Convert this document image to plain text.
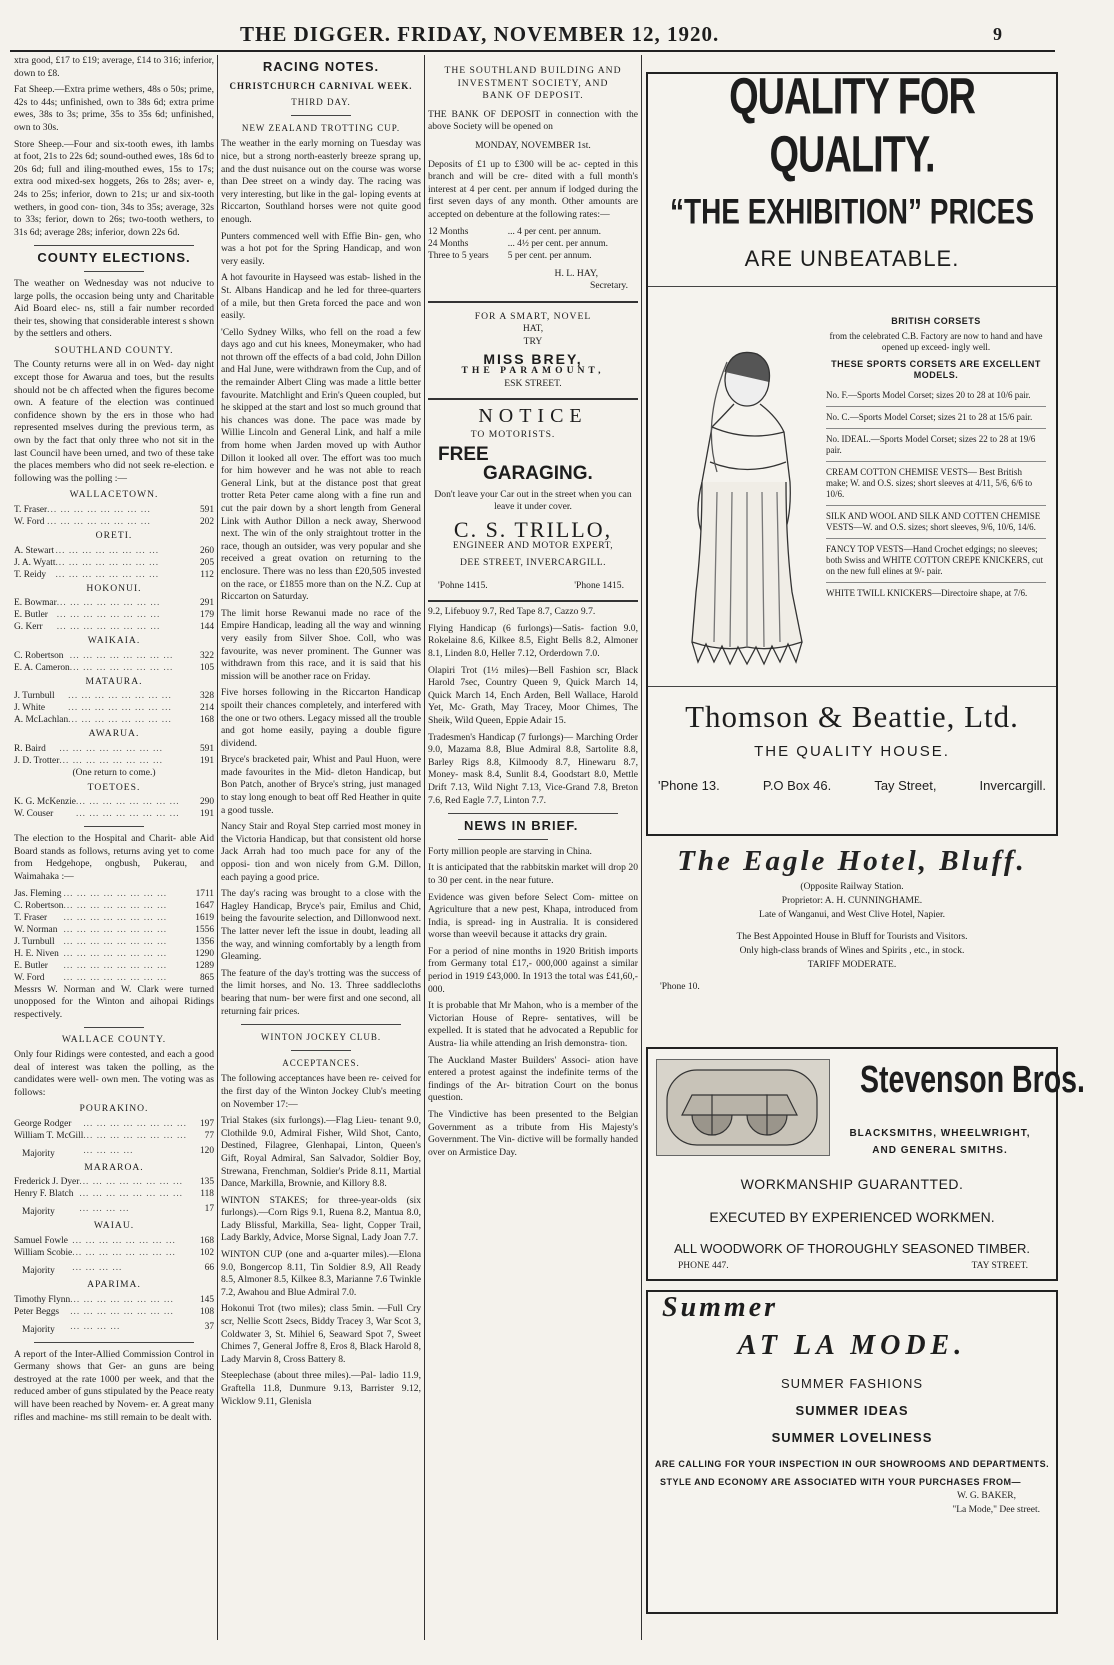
THE DIGGER. FRIDAY, NOVEMBER 12, 1920.	9

xtra good, £17 to £19; average, £14 to 316; inferior, down to £8.

Fat Sheep.—Extra prime wethers, 48s o 50s; prime, 42s to 44s; unfinished, own to 38s 6d; extra prime ewes, 38s to 3s; prime, 35s to 35s 6d; unfinished, own to 30s.

Store Sheep.—Four and six-tooth ewes, ith lambs at foot, 21s to 22s 6d; sound-outhed ewes, 18s 6d to 20s 6d; full and iling-mouthed ewes, 15s to 17s; extra ood mixed-sex hoggets, 26s to 28s; aver- e, 24s to 25s; inferior, down to 21s; ur and six-tooth wethers, in good con- tion, 34s to 35s; average, 32s to 33s; ferior, down to 26s; two-tooth wethers, to 31s 6d; average 28s; inferior, down 22s 6d.

COUNTY ELECTIONS.

The weather on Wednesday was not nducive to large polls, the occasion being unty and Charitable Aid Board elec- ns, still a fair number recorded their tes, showing that considerable interest s shown by the settlers and others.

SOUTHLAND COUNTY.

The County returns were all in on Wed- day night except those for Awarua and toes, but the results should not be ch affected when the figures become own. A feature of the election was continued confidence shown by the ers in those who had represented mselves during the previous term, as own by the fact that only three who not sit in the last Council have been urned, and two of these take the places members who did not seek re-election. e following was the polling :—

WALLACETOWN.
T. Fraser	... ... ... ... ... ... ... ...	591
W. Ford	... ... ... ... ... ... ... ...	202
ORETI.
A. Stewart	... ... ... ... ... ... ... ...	260
J. A. Wyatt	... ... ... ... ... ... ... ...	205
T. Reidy	... ... ... ... ... ... ... ...	112
HOKONUI.
E. Bowmar	... ... ... ... ... ... ... ...	291
E. Butler	... ... ... ... ... ... ... ...	179
G. Kerr	... ... ... ... ... ... ... ...	144
WAIKAIA.
C. Robertson	... ... ... ... ... ... ... ...	322
E. A. Cameron	... ... ... ... ... ... ... ...	105
MATAURA.
J. Turnbull	... ... ... ... ... ... ... ...	328
J. White	... ... ... ... ... ... ... ...	214
A. McLachlan	... ... ... ... ... ... ... ...	168
AWARUA.
R. Baird	... ... ... ... ... ... ... ...	591
J. D. Trotter	... ... ... ... ... ... ... ...	191
(One return to come.)
TOETOES.
K. G. McKenzie	... ... ... ... ... ... ... ...	290
W. Couser	... ... ... ... ... ... ... ...	191

The election to the Hospital and Charit- able Aid Board stands as follows, returns aving yet to come from Hedgehope, ongbush, Pukerau, and Waimahaka :—

Jas. Fleming	... ... ... ... ... ... ... ...	1711
C. Robertson	... ... ... ... ... ... ... ...	1647
T. Fraser	... ... ... ... ... ... ... ...	1619
W. Norman	... ... ... ... ... ... ... ...	1556
J. Turnbull	... ... ... ... ... ... ... ...	1356
H. E. Niven	... ... ... ... ... ... ... ...	1290
E. Butler	... ... ... ... ... ... ... ...	1289
W. Ford	... ... ... ... ... ... ... ...	865

Messrs W. Norman and W. Clark were turned unopposed for the Winton and aihopai Ridings respectively.

WALLACE COUNTY.

Only four Ridings were contested, and each a good deal of interest was taken the polling, as the candidates were well- own men. The voting was as follows:

POURAKINO.
George Rodger	... ... ... ... ... ... ... ...	197
William T. McGill	... ... ... ... ... ... ... ...	77
Majority	... ... ... ...	120
MARAROA.
Frederick J. Dyer	... ... ... ... ... ... ... ...	135
Henry F. Blatch	... ... ... ... ... ... ... ...	118
Majority	... ... ... ...	17
WAIAU.
Samuel Fowle	... ... ... ... ... ... ... ...	168
William Scobie	... ... ... ... ... ... ... ...	102
Majority	... ... ... ...	66
APARIMA.
Timothy Flynn	... ... ... ... ... ... ... ...	145
Peter Beggs	... ... ... ... ... ... ... ...	108
Majority	... ... ... ...	37

A report of the Inter-Allied Commission Control in Germany shows that Ger- an guns are being destroyed at the rate 1000 per week, and that the reduced amber of guns stipulated by the Peace reaty will have been reached by Novem- er. A great many rifles and machine- ms still remain to be dealt with.

RACING NOTES.
CHRISTCHURCH CARNIVAL WEEK.
THIRD DAY.
NEW ZEALAND TROTTING CUP.

The weather in the early morning on Tuesday was nice, but a strong north-easterly breeze sprang up, and the dust nuisance out on the course was worse than Dee street on a windy day. The racing was very interesting, but like in the gal- loping events at Riccarton, Southland horses were not quite good enough.

Punters commenced well with Effie Bin- gen, who was a hot pot for the Spring Handicap, and won very easily.

A hot favourite in Hayseed was estab- lished in the St. Albans Handicap and he led for three-quarters of a mile, but then Greta forced the pace and won easily.

'Cello Sydney Wilks, who fell on the road a few days ago and cut his knees, Moneymaker, who had not thrown off the effects of a bad cold, John Dillon and Hal June, were withdrawn from the Cup, and of the remainder Albert Cling was made a little better favourite. Matchlight and Erin's Queen coupled, but he skipped at the start and lost so much ground that his chances was done. The pace was made by Willie Lincoln and General Link, and half a mile from home when Jarden moved up with Author Dillon it looked all over. The effort was too much for him however and he was not able to reach General Link, but at the distance post that great trotter Reta Peter came along with a fine run and cut the pair down by a short length from General Link with Author Dillon a neck away, Sherwood next. The win of the only straightout trotter in the race, though an outsider, was very popular and she received a great ovation on returning to the enclosure. There was no less than £20,505 invested on the race, or £1855 more than on the N.Z. Cup at Riccarton on Saturday.

The limit horse Rewanui made no race of the Empire Handicap, leading all the way and winning very easily from Silver Shoe. Coll, who was favourite, was never prominent. The Gunner was withdrawn from this race, and it is said that his mission will be another race on Friday.

Five horses following in the Riccarton Handicap spoilt their chances completely, and interfered with the one or two others. Legacy missed all the trouble and got home easily, paying a double figure dividend.

Bryce's bracketed pair, Whist and Paul Huon, were made favourites in the Mid- dleton Handicap, but Bon Patch, another of Bryce's string, just managed to stay long enough to beat off Red Heather in quite a good tussle.

Nancy Stair and Royal Step carried most money in the Victoria Handicap, but that consistent old horse Jack Arrah had too much pace for any of the opposi- tion and won nicely from G.M. Dillon, each paying a good price.

The day's racing was brought to a close with the Hagley Handicap, Bryce's pair, Emilus and Chid, being the favourite selection, and Dillonwood next. The latter never left the issue in doubt, leading all the way, and winning comfortably by a length from Gleaming.

The feature of the day's trotting was the success of the limit horses, and No. 13. Three saddlecloths bearing that num- ber were first and one second, all returning fair prices.

WINTON JOCKEY CLUB.
ACCEPTANCES.

The following acceptances have been re- ceived for the first day of the Winton Jockey Club's meeting on November 17:—

Trial Stakes (six furlongs).—Flag Lieu- tenant 9.0, Clothilde 9.0, Admiral Fisher, Wild Shot, Canto, Destined, Filagree, Glenhapai, Linton, Queen's Gift, Royal Admiral, San Salvador, Soldier Boy, Strewana, Frenchman, Soldier's Pride 8.11, Martial Dance, Markilla, Brownie, and Killory 8.8.

WINTON STAKES; for three-year-olds (six furlongs).—Corn Rigs 9.1, Ruena 8.2, Mantua 8.0, Lady Blissful, Markilla, Sea- light, Copper Trail, Lady Barkly, Advice, Morse Signal, Lady Joan 7.7.

WINTON CUP (one and a-quarter miles).—Elona 9.0, Bongercop 8.11, Tin Soldier 8.9, All Ready 8.5, Almoner 8.5, Kilkee 8.3, Marianne 7.6 Twinkle 7.2, Awahou and Blue Admiral 7.0.

Hokonui Trot (two miles); class 5min. —Full Cry scr, Nellie Scott 2secs, Biddy Tracey 3, War Scot 3, Coldwater 3, St. Mihiel 6, Seaward Spot 7, Sweet Chimes 7, General Joffre 8, Eros 8, Black Harold 8, Lady Marvin 8, Cross Battery 8.

Steeplechase (about three miles).—Pal- ladio 11.9, Graftella 11.8, Dunmure 9.13, Barrister 9.12, Wicklow 9.11, Glenisla

THE SOUTHLAND BUILDING AND INVESTMENT SOCIETY, AND
BANK OF DEPOSIT.

THE BANK OF DEPOSIT in connection with the above Society will be opened on

MONDAY, NOVEMBER 1st.

Deposits of £1 up to £300 will be ac- cepted in this branch and will be cre- dited with a full month's interest at 4 per cent. per annum if lodged during the first seven days of any month. Other amounts are accepted on debenture at the following rates:—

12 Months	... 4 per cent. per annum.
24 Months	... 4½ per cent. per annum.
Three to 5 years	5 per cent. per annum.
H. L. HAY,
Secretary.
FOR A SMART, NOVEL
HAT,
TRY
MISS BREY,
THE PARAMOUNT,
ESK STREET.
NOTICE
TO MOTORISTS.
FREE
GARAGING.

Don't leave your Car out in the street when you can leave it under cover.

C. S. TRILLO,
ENGINEER AND MOTOR EXPERT,
DEE STREET, INVERCARGILL.
'Pohne 1415.	'Phone 1415.

9.2, Lifebuoy 9.7, Red Tape 8.7, Cazzo 9.7.

Flying Handicap (6 furlongs)—Satis- faction 9.0, Rokelaine 8.6, Kilkee 8.5, Eight Bells 8.2, Almoner 8.1, Linden 8.0, Heller 7.12, Orderdown 7.0.

Olapiri Trot (1½ miles)—Bell Fashion scr, Black Harold 7sec, Country Queen 9, Quick March 14, Quick March 14, Ench Arden, Bell Wallace, Harold Yet, Mc- Grath, May Tracey, Moor Chimes, The Sheik, Wild Queen, Eppie Adair 15.

Tradesmen's Handicap (7 furlongs)— Marching Order 9.0, Mazama 8.8, Blue Admiral 8.8, Sartolite 8.8, Barley Rigs 8.8, Kilmoody 8.7, Hinewaru 8.7, Money- mask 8.4, Sunlit 8.4, Goodstart 8.0, Mettle Drift 7.13, Wild Night 7.13, Vice-Grand 7.8, Breton 7.6, Red Eagle 7.7, Linton 7.7.

NEWS IN BRIEF.

Forty million people are starving in China.

It is anticipated that the rabbitskin market will drop 20 to 30 per cent. in the near future.

Evidence was given before Select Com- mittee on Agriculture that a new pest, Khapa, introduced from India, is spread- ing in Australia. It is considered worse than weevil because it attacks dry grain.

For a period of nine months in 1920 British imports from Germany total £17,- 000,000 against a similar period in 1919 £43,000. In 1913 the total was £41,60,- 000.

It is probable that Mr Mahon, who is a member of the Victorian House of Repre- sentatives, will be expelled. It is stated that he advocated a Republic for Austra- lia while attending an Irish demonstra- tion.

The Auckland Master Builders' Associ- ation have entered a protest against the indefinite terms of the findings of the Ar- bitration Court on the bonus question.

The Vindictive has been presented to the Belgian Government as a tribute from His Majesty's Government. The Vin- dictive will be formally handed over on Armistice Day.

QUALITY FOR QUALITY.
“THE EXHIBITION” PRICES
ARE UNBEATABLE.
BRITISH CORSETS
from the celebrated C.B. Factory are now to hand and have opened up exceed- ingly well.
THESE SPORTS CORSETS ARE EXCELLENT MODELS.
No. F.—Sports Model Corset; sizes 20 to 28 at 10/6 pair.
No. C.—Sports Model Corset; sizes 21 to 28 at 15/6 pair.
No. IDEAL.—Sports Model Corset; sizes 22 to 28 at 19/6 pair.
CREAM COTTON CHEMISE VESTS— Best British make; W. and O.S. sizes; short sleeves at 4/11, 5/6, 6/6 to 10/6.
SILK AND WOOL AND SILK AND COTTEN CHEMISE VESTS—W. and O.S. sizes; short sleeves, 9/6, 10/6, 14/6.
FANCY TOP VESTS—Hand Crochet edgings; no sleeves; both Swiss and WHITE COTTON CREPE KNICKERS, cut on the new full elines at 9/- pair.
WHITE TWILL KNICKERS—Directoire shape, at 7/6.
Thomson & Beattie, Ltd.
THE QUALITY HOUSE.
'Phone 13.	P.O Box 46.	Tay Street,	Invercargill.
The Eagle Hotel, Bluff.
(Opposite Railway Station.
Proprietor: A. H. CUNNINGHAME.
Late of Wanganui, and West Clive Hotel, Napier.
The Best Appointed House in Bluff for Tourists and Visitors.
Only high-class brands of Wines and Spirits , etc., in stock.
TARIFF MODERATE.
'Phone 10.
Stevenson Bros.
BLACKSMITHS, WHEELWRIGHT,
AND GENERAL SMITHS.
WORKMANSHIP GUARANTTED.
EXECUTED BY EXPERIENCED WORKMEN.
ALL WOODWORK OF THOROUGHLY SEASONED TIMBER.
PHONE 447.	TAY STREET.
Summer
AT LA MODE.
SUMMER FASHIONS
SUMMER IDEAS
SUMMER LOVELINESS
ARE CALLING FOR YOUR INSPECTION IN OUR SHOWROOMS AND DEPARTMENTS.
STYLE AND ECONOMY ARE ASSOCIATED WITH YOUR PURCHASES FROM—
W. G. BAKER,
"La Mode," Dee street.
